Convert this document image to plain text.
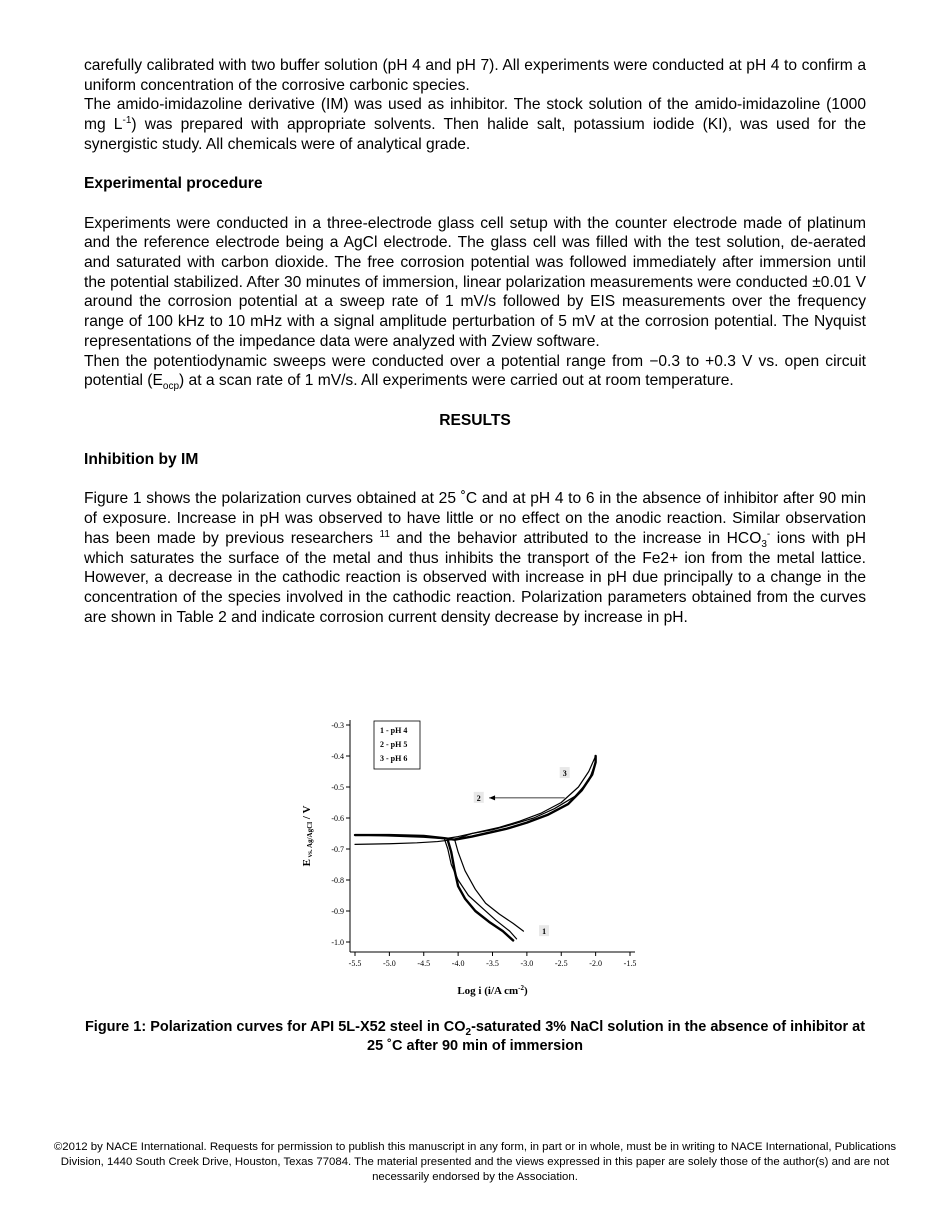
carefully calibrated with two buffer solution (pH 4 and pH 7). All experiments were conducted at pH 4 to confirm a uniform concentration of the corrosive carbonic species.
The amido-imidazoline derivative (IM) was used as inhibitor. The stock solution of the amido-imidazoline (1000 mg $L^{-1}$) was prepared with appropriate solvents. Then halide salt, potassium iodide (KI), was used for the synergistic study. All chemicals were of analytical grade.

Experimental procedure

Experiments were conducted in a three-electrode glass cell setup with the counter electrode made of platinum and the reference electrode being a AgCl electrode. The glass cell was filled with the test solution, de-aerated and saturated with carbon dioxide. The free corrosion potential was followed immediately after immersion until the potential stabilized. After 30 minutes of immersion, linear polarization measurements were conducted ±0.01 V around the corrosion potential at a sweep rate of 1 mV/s followed by EIS measurements over the frequency range of 100 kHz to 10 mHz with a signal amplitude perturbation of 5 mV at the corrosion potential. The Nyquist representations of the impedance data were analyzed with Zview software.
Then the potentiodynamic sweeps were conducted over a potential range from −0.3 to +0.3 V vs. open circuit potential $(E_{ocp})$ at a scan rate of 1 mV/s. All experiments were carried out at room temperature.

RESULTS
Inhibition by IM

Figure 1 shows the polarization curves obtained at 25 ˚C and at pH 4 to 6 in the absence of inhibitor after 90 min of exposure. Increase in pH was observed to have little or no effect on the anodic reaction. Similar observation has been made by previous researchers $^{11}$ and the behavior attributed to the increase in $HCO_3^-$ ions with pH which saturates the surface of the metal and thus inhibits the transport of the Fe2+ ion from the metal lattice. However, a decrease in the cathodic reaction is observed with increase in pH due principally to a change in the concentration of the species involved in the cathodic reaction. Polarization parameters obtained from the curves are shown in Table 2 and indicate corrosion current density decrease by increase in pH.

-5.5	-5.0	-4.5	-4.0	-3.5	-3.0	-2.5	-2.0	-1.5
-0.3
-0.4
-0.5
-0.6
-0.7
-0.8
-0.9
-1.0
1 - pH 4
2 - pH 5
3 - pH 6
Log i (i/A $cm^{-2}$)
E vs. Ag/AgCl / V
1
2
3
Figure 1: Polarization curves for API 5L-X52 steel in $CO_2$-saturated 3% NaCl solution in the absence of inhibitor at 25 ˚C after 90 min of immersion
©2012 by NACE International. Requests for permission to publish this manuscript in any form, in part or in whole, must be in writing to NACE International, Publications Division, 1440 South Creek Drive, Houston, Texas 77084. The material presented and the views expressed in this paper are solely those of the author(s) and are not necessarily endorsed by the Association.
